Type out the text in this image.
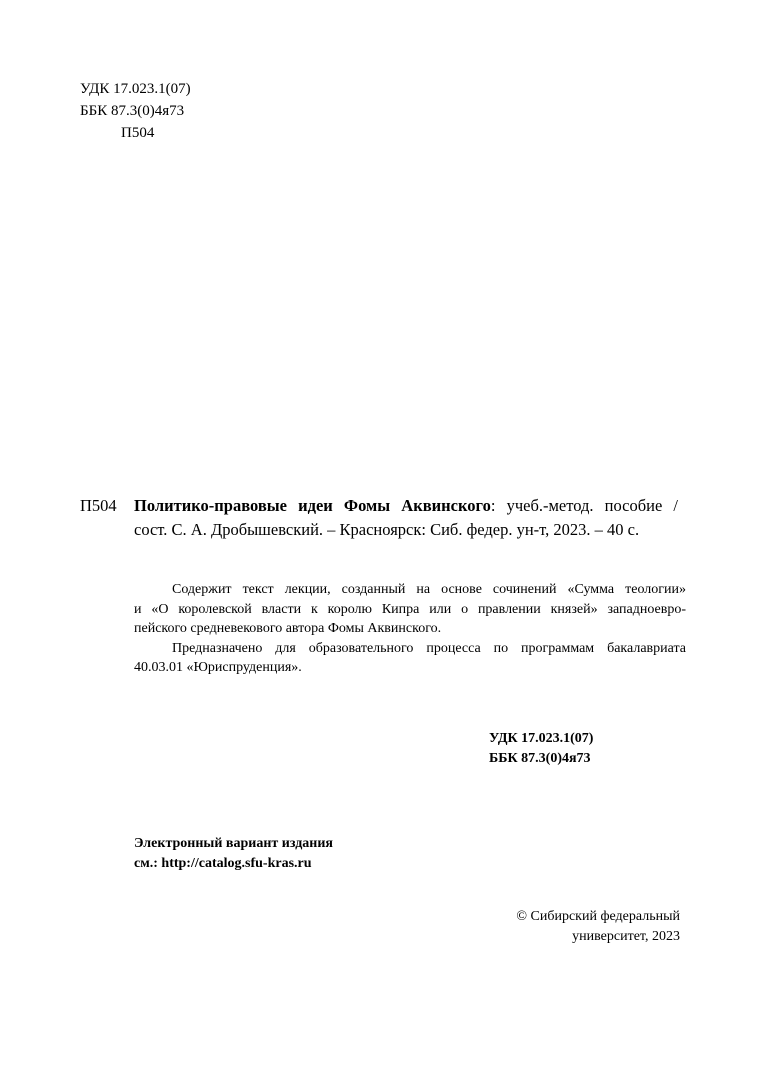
УДК 17.023.1(07)
ББК 87.3(0)4я73
П504
П504 Политико-правовые идеи Фомы Аквинского: учеб.-метод. пособие /
сост. С. А. Дробышевский. – Красноярск: Сиб. федер. ун-т, 2023. – 40 с.
Содержит текст лекции, созданный на основе сочинений «Сумма теологии»
и «О королевской власти к королю Кипра или о правлении князей» западноевро-
пейского средневекового автора Фомы Аквинского.
Предназначено для образовательного процесса по программам бакалавриата
40.03.01 «Юриспруденция».
УДК 17.023.1(07)
ББК 87.3(0)4я73
Электронный вариант издания
см.: http://catalog.sfu-kras.ru
© Сибирский федеральный
университет, 2023
